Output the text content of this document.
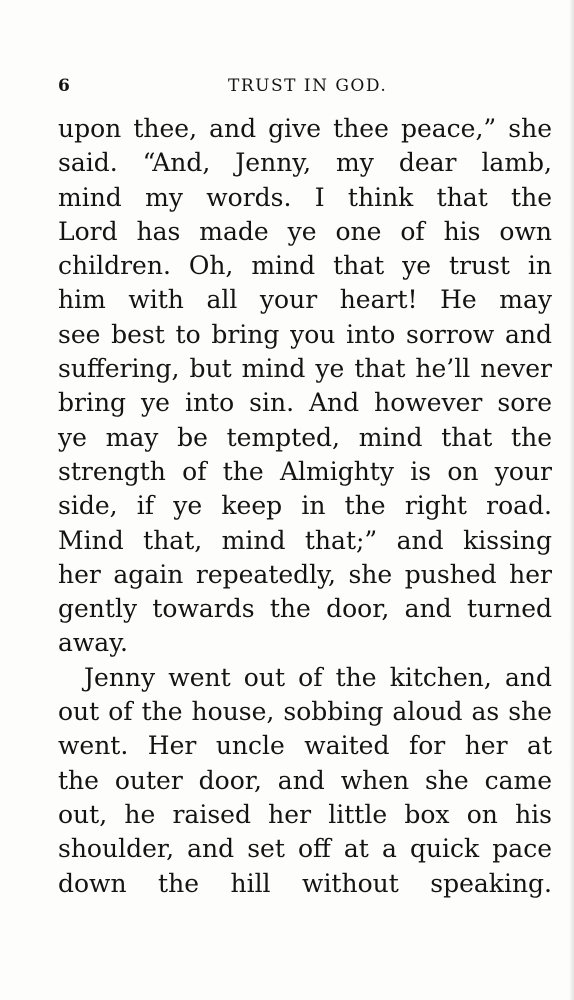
6	TRUST IN GOD.
upon thee, and give thee peace,” she
said. “And, Jenny, my dear lamb,
mind my words. I think that the
Lord has made ye one of his own
children. Oh, mind that ye trust in
him with all your heart! He may
see best to bring you into sorrow and
suffering, but mind ye that he’ll never
bring ye into sin. And however sore
ye may be tempted, mind that the
strength of the Almighty is on your
side, if ye keep in the right road.
Mind that, mind that;” and kissing
her again repeatedly, she pushed her
gently towards the door, and turned
away.
Jenny went out of the kitchen, and
out of the house, sobbing aloud as she
went. Her uncle waited for her at
the outer door, and when she came
out, he raised her little box on his
shoulder, and set off at a quick pace
down the hill without speaking.
